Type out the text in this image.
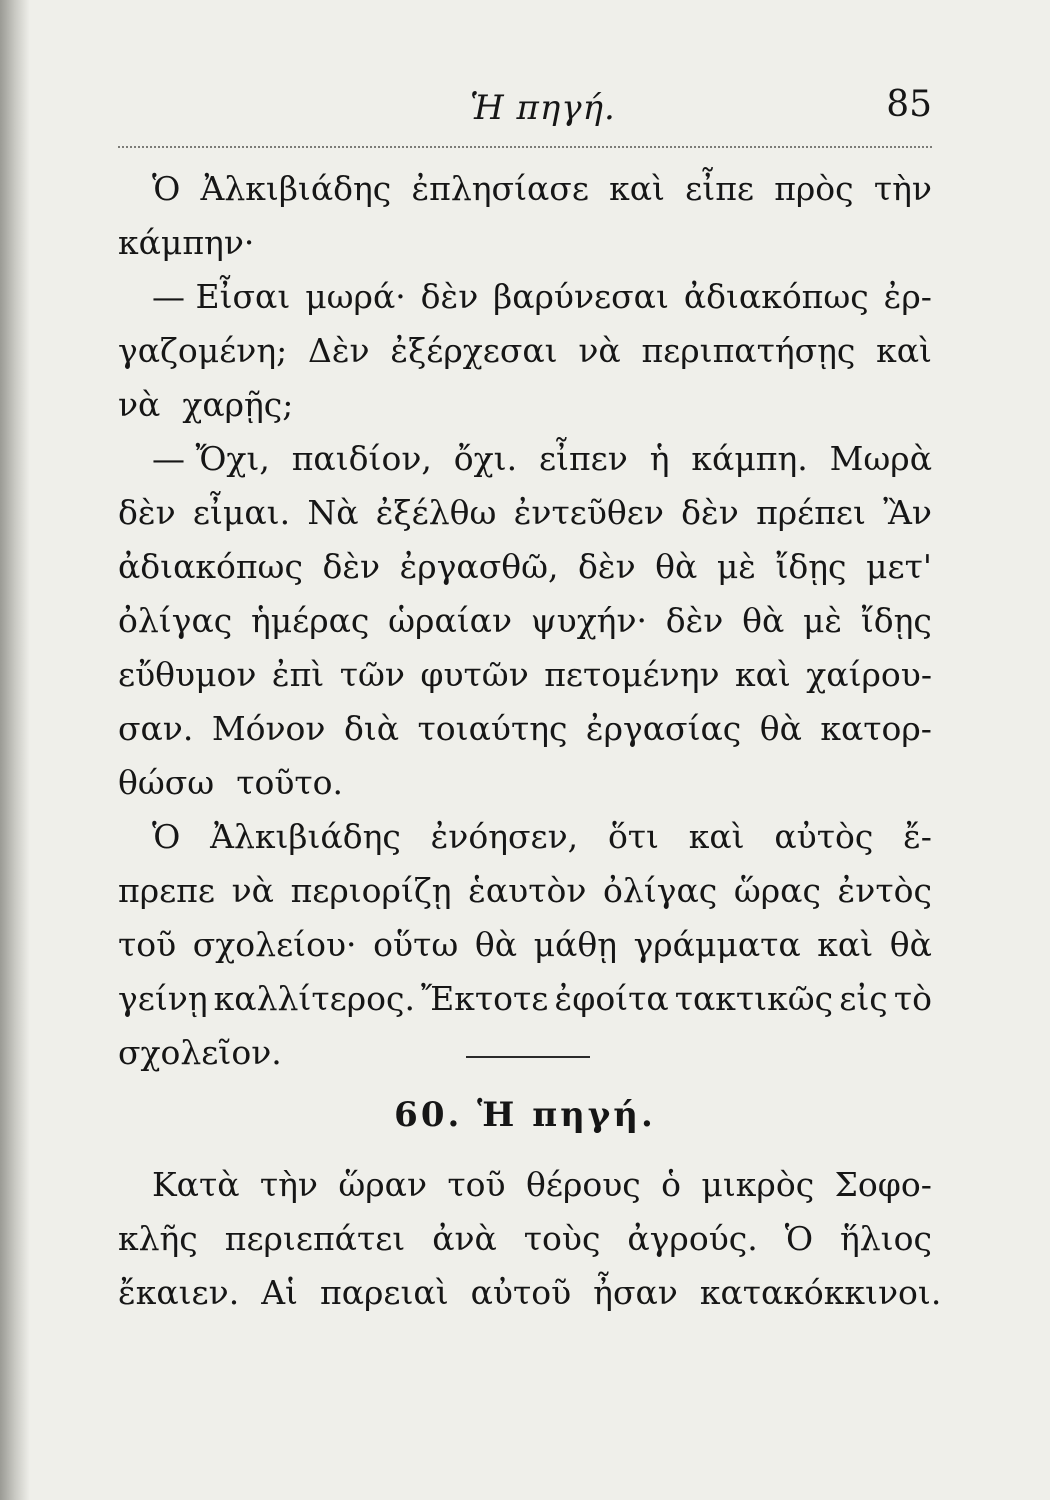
Ἡ πηγή.	85
Ὁ Ἀλκιβιάδης ἐπλησίασε καὶ εἶπε πρὸς τὴν
κάμπην·
— Εἶσαι μωρά· δὲν βαρύνεσαι ἀδιακόπως ἐρ-
γαζομένη; Δὲν ἐξέρχεσαι νὰ περιπατήσῃς καὶ
νὰ χαρῇς;
— Ὄχι, παιδίον, ὄχι. εἶπεν ἡ κάμπη. Μωρὰ
δὲν εἶμαι. Νὰ ἐξέλθω ἐντεῦθεν δὲν πρέπει Ἂν
ἀδιακόπως δὲν ἐργασθῶ, δὲν θὰ μὲ ἴδῃς μετ'
ὀλίγας ἡμέρας ὡραίαν ψυχήν· δὲν θὰ μὲ ἴδῃς
εὔθυμον ἐπὶ τῶν φυτῶν πετομένην καὶ χαίρου-
σαν. Μόνον διὰ τοιαύτης ἐργασίας θὰ κατορ-
θώσω τοῦτο.
Ὁ Ἀλκιβιάδης ἐνόησεν, ὅτι καὶ αὐτὸς ἔ-
πρεπε νὰ περιορίζῃ ἑαυτὸν ὀλίγας ὥρας ἐντὸς
τοῦ σχολείου· οὕτω θὰ μάθῃ γράμματα καὶ θὰ
γείνῃ καλλίτερος. Ἔκτοτε ἐφοίτα τακτικῶς εἰς τὸ
σχολεῖον.
60. Ἡ πηγή.
Κατὰ τὴν ὥραν τοῦ θέρους ὁ μικρὸς Σοφο-
κλῆς περιεπάτει ἀνὰ τοὺς ἀγρούς. Ὁ ἥλιος
ἔκαιεν. Αἱ παρειαὶ αὐτοῦ ἦσαν κατακόκκινοι.
